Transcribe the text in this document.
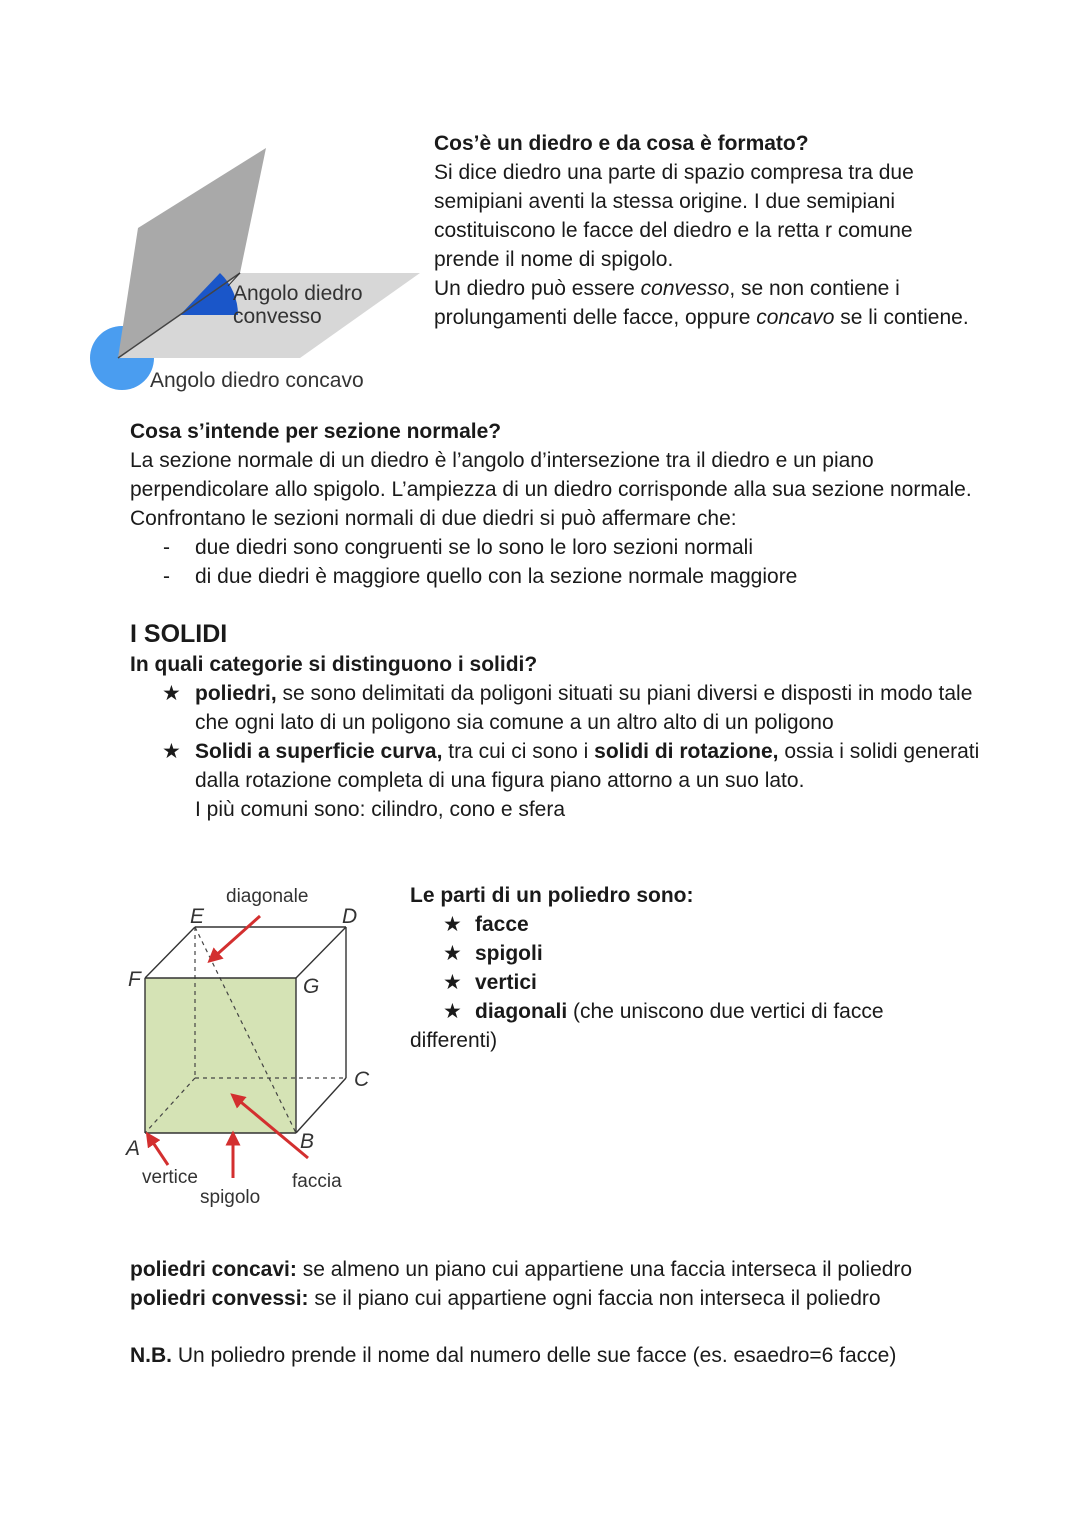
Angolo diedro
convesso
Angolo diedro concavo

Cos’è un diedro e da cosa è formato?

Si dice diedro una parte di spazio compresa tra due semipiani aventi la stessa origine. I due semipiani costituiscono le facce del diedro e la retta r comune prende il nome di spigolo.

Un diedro può essere convesso, se non contiene i prolungamenti delle facce, oppure concavo se li contiene.

Cosa s’intende per sezione normale?

La sezione normale di un diedro è l’angolo d’intersezione tra il diedro e un piano perpendicolare allo spigolo. L’ampiezza di un diedro corrisponde alla sua sezione normale. Confrontano le sezioni normali di due diedri si può affermare che:

- due diedri sono congruenti se lo sono le loro sezioni normali
- di due diedri è maggiore quello con la sezione normale maggiore
I SOLIDI

In quali categorie si distinguono i solidi?

★ poliedri, se sono delimitati da poligoni situati su piani diversi e disposti in modo tale che ogni lato di un poligono sia comune a un altro alto di un poligono
★ Solidi a superficie curva, tra cui ci sono i solidi di rotazione, ossia i solidi generati dalla rotazione completa di una figura piano attorno a un suo lato.
I più comuni sono: cilindro, cono e sfera
diagonale
vertice
spigolo
faccia
E	D
F	G
C
B
A

Le parti di un poliedro sono:

★ facce
★ spigoli
★ vertici
★ diagonali (che uniscono due vertici di facce

differenti)

poliedri concavi: se almeno un piano cui appartiene una faccia interseca il poliedro

poliedri convessi: se il piano cui appartiene ogni faccia non interseca il poliedro

N.B. Un poliedro prende il nome dal numero delle sue facce (es. esaedro=6 facce)
